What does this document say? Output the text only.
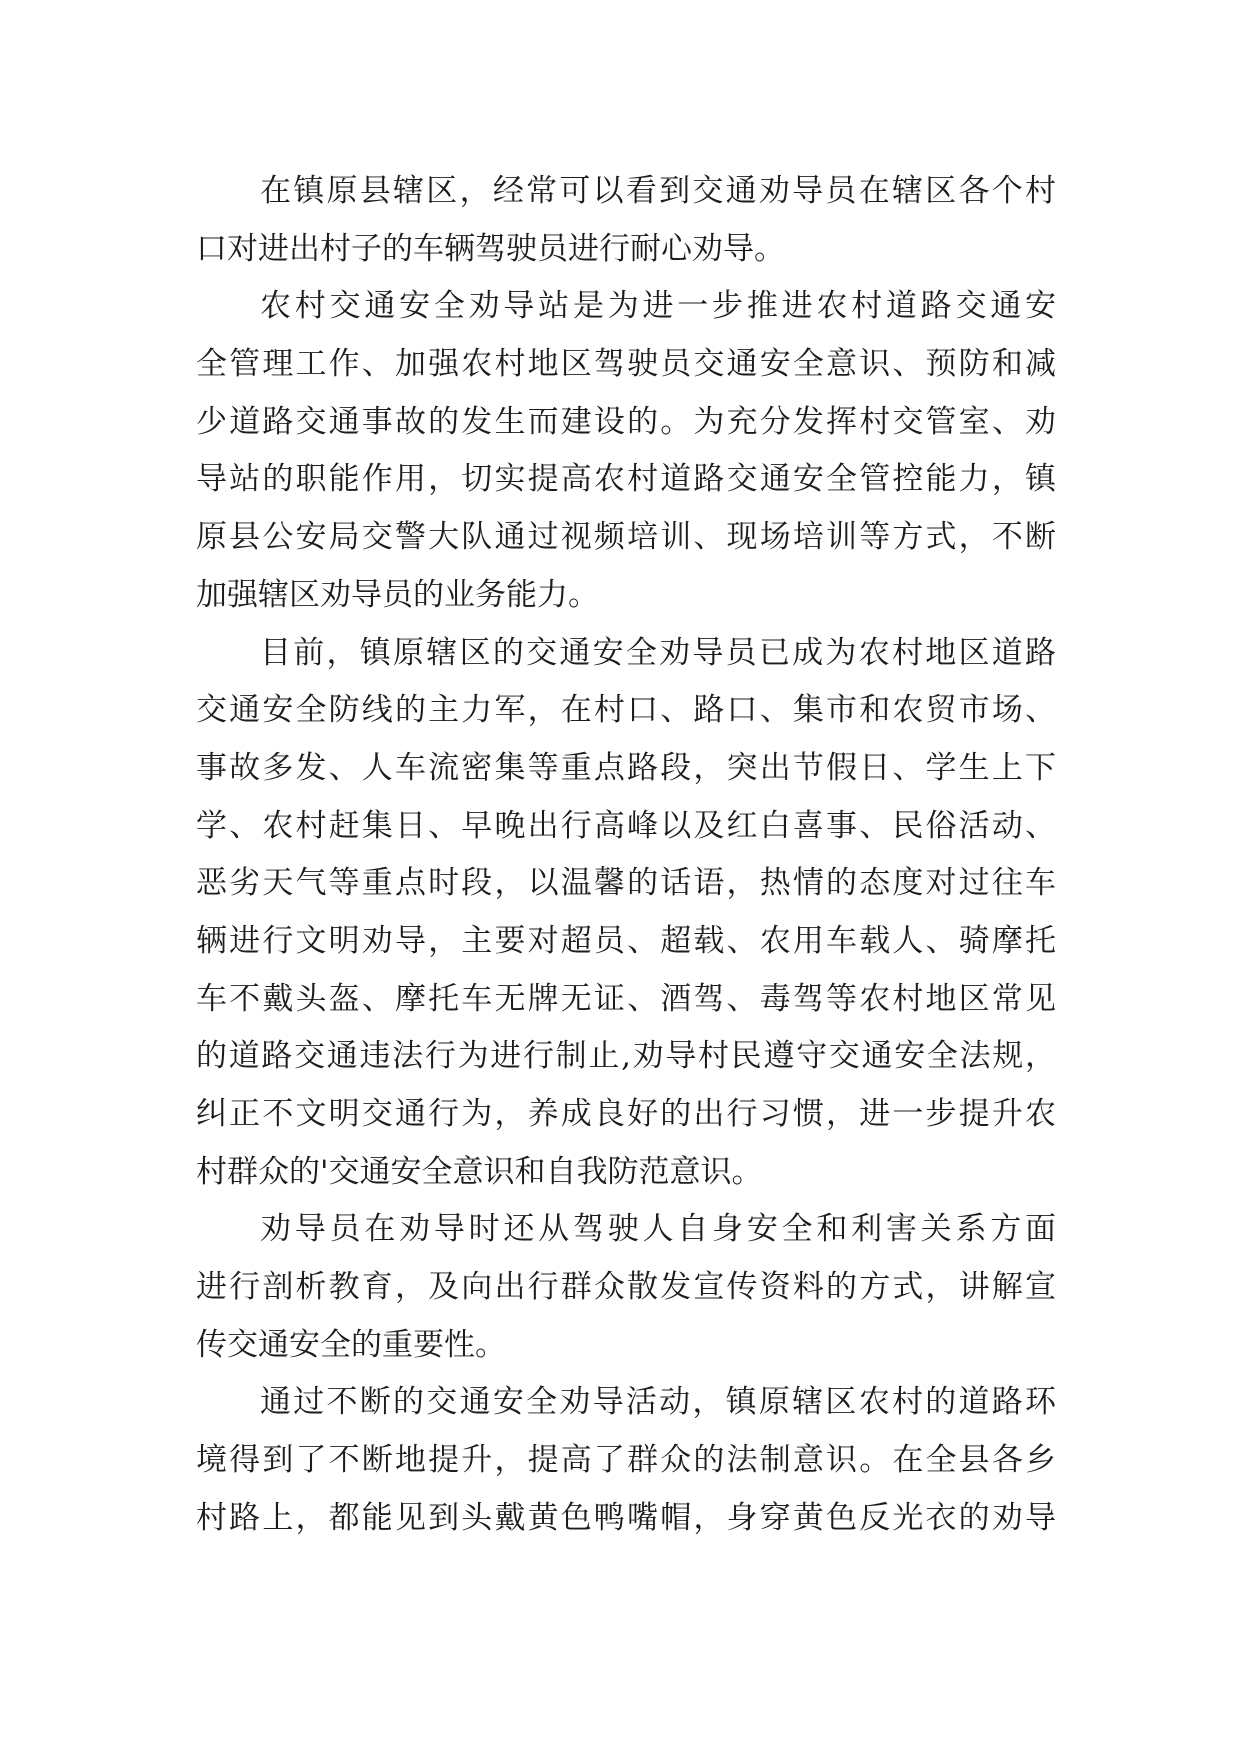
在镇原县辖区，经常可以看到交通劝导员在辖区各个村
口对进出村子的车辆驾驶员进行耐心劝导。
农村交通安全劝导站是为进一步推进农村道路交通安
全管理工作、加强农村地区驾驶员交通安全意识、预防和减
少道路交通事故的发生而建设的。为充分发挥村交管室、劝
导站的职能作用，切实提高农村道路交通安全管控能力，镇
原县公安局交警大队通过视频培训、现场培训等方式，不断
加强辖区劝导员的业务能力。
目前，镇原辖区的交通安全劝导员已成为农村地区道路
交通安全防线的主力军，在村口、路口、集市和农贸市场、
事故多发、人车流密集等重点路段，突出节假日、学生上下
学、农村赶集日、早晚出行高峰以及红白喜事、民俗活动、
恶劣天气等重点时段，以温馨的话语，热情的态度对过往车
辆进行文明劝导，主要对超员、超载、农用车载人、骑摩托
车不戴头盔、摩托车无牌无证、酒驾、毒驾等农村地区常见
的道路交通违法行为进行制止,劝导村民遵守交通安全法规，
纠正不文明交通行为，养成良好的出行习惯，进一步提升农
村群众的'交通安全意识和自我防范意识。
劝导员在劝导时还从驾驶人自身安全和利害关系方面
进行剖析教育，及向出行群众散发宣传资料的方式，讲解宣
传交通安全的重要性。
通过不断的交通安全劝导活动，镇原辖区农村的道路环
境得到了不断地提升，提高了群众的法制意识。在全县各乡
村路上，都能见到头戴黄色鸭嘴帽，身穿黄色反光衣的劝导
